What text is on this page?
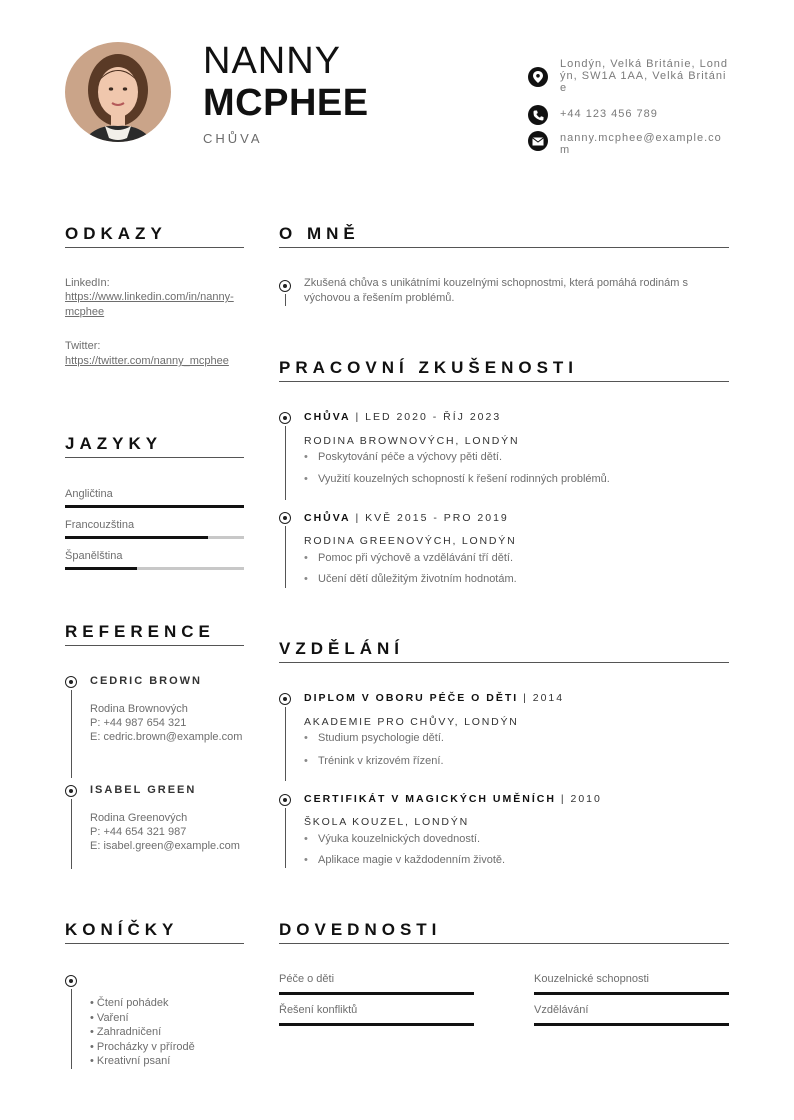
NANNY
MCPHEE
CHŮVA
Londýn, Velká Británie, Londýn, SW1A 1AA, Velká Británie
+44 123 456 789
nanny.mcphee@example.com
ODKAZY
LinkedIn:
https://www.linkedin.com/in/nanny-mcphee
Twitter:
https://twitter.com/nanny_mcphee
JAZYKY
Angličtina
Francouzština
Španělština
REFERENCE
CEDRIC BROWN
Rodina Brownových
P: +44 987 654 321
E: cedric.brown@example.com
ISABEL GREEN
Rodina Greenových
P: +44 654 321 987
E: isabel.green@example.com
KONÍČKY
• Čtení pohádek
• Vaření
• Zahradničení
• Procházky v přírodě
• Kreativní psaní
O MNĚ
Zkušená chůva s unikátními kouzelnými schopnostmi, která pomáhá rodinám s výchovou a řešením problémů.
PRACOVNÍ ZKUŠENOSTI
CHŮVA | LED 2020 - ŘÍJ 2023
RODINA BROWNOVÝCH, LONDÝN
• Poskytování péče a výchovy pěti dětí.
• Využití kouzelných schopností k řešení rodinných problémů.
CHŮVA | KVĚ 2015 - PRO 2019
RODINA GREENOVÝCH, LONDÝN
• Pomoc při výchově a vzdělávání tří dětí.
• Učení dětí důležitým životním hodnotám.
VZDĚLÁNÍ
DIPLOM V OBORU PÉČE O DĚTI | 2014
AKADEMIE PRO CHŮVY, LONDÝN
• Studium psychologie dětí.
• Trénink v krizovém řízení.
CERTIFIKÁT V MAGICKÝCH UMĚNÍCH | 2010
ŠKOLA KOUZEL, LONDÝN
• Výuka kouzelnických dovedností.
• Aplikace magie v každodenním životě.
DOVEDNOSTI
Péče o děti	Kouzelnické schopnosti
Řešení konfliktů	Vzdělávání
